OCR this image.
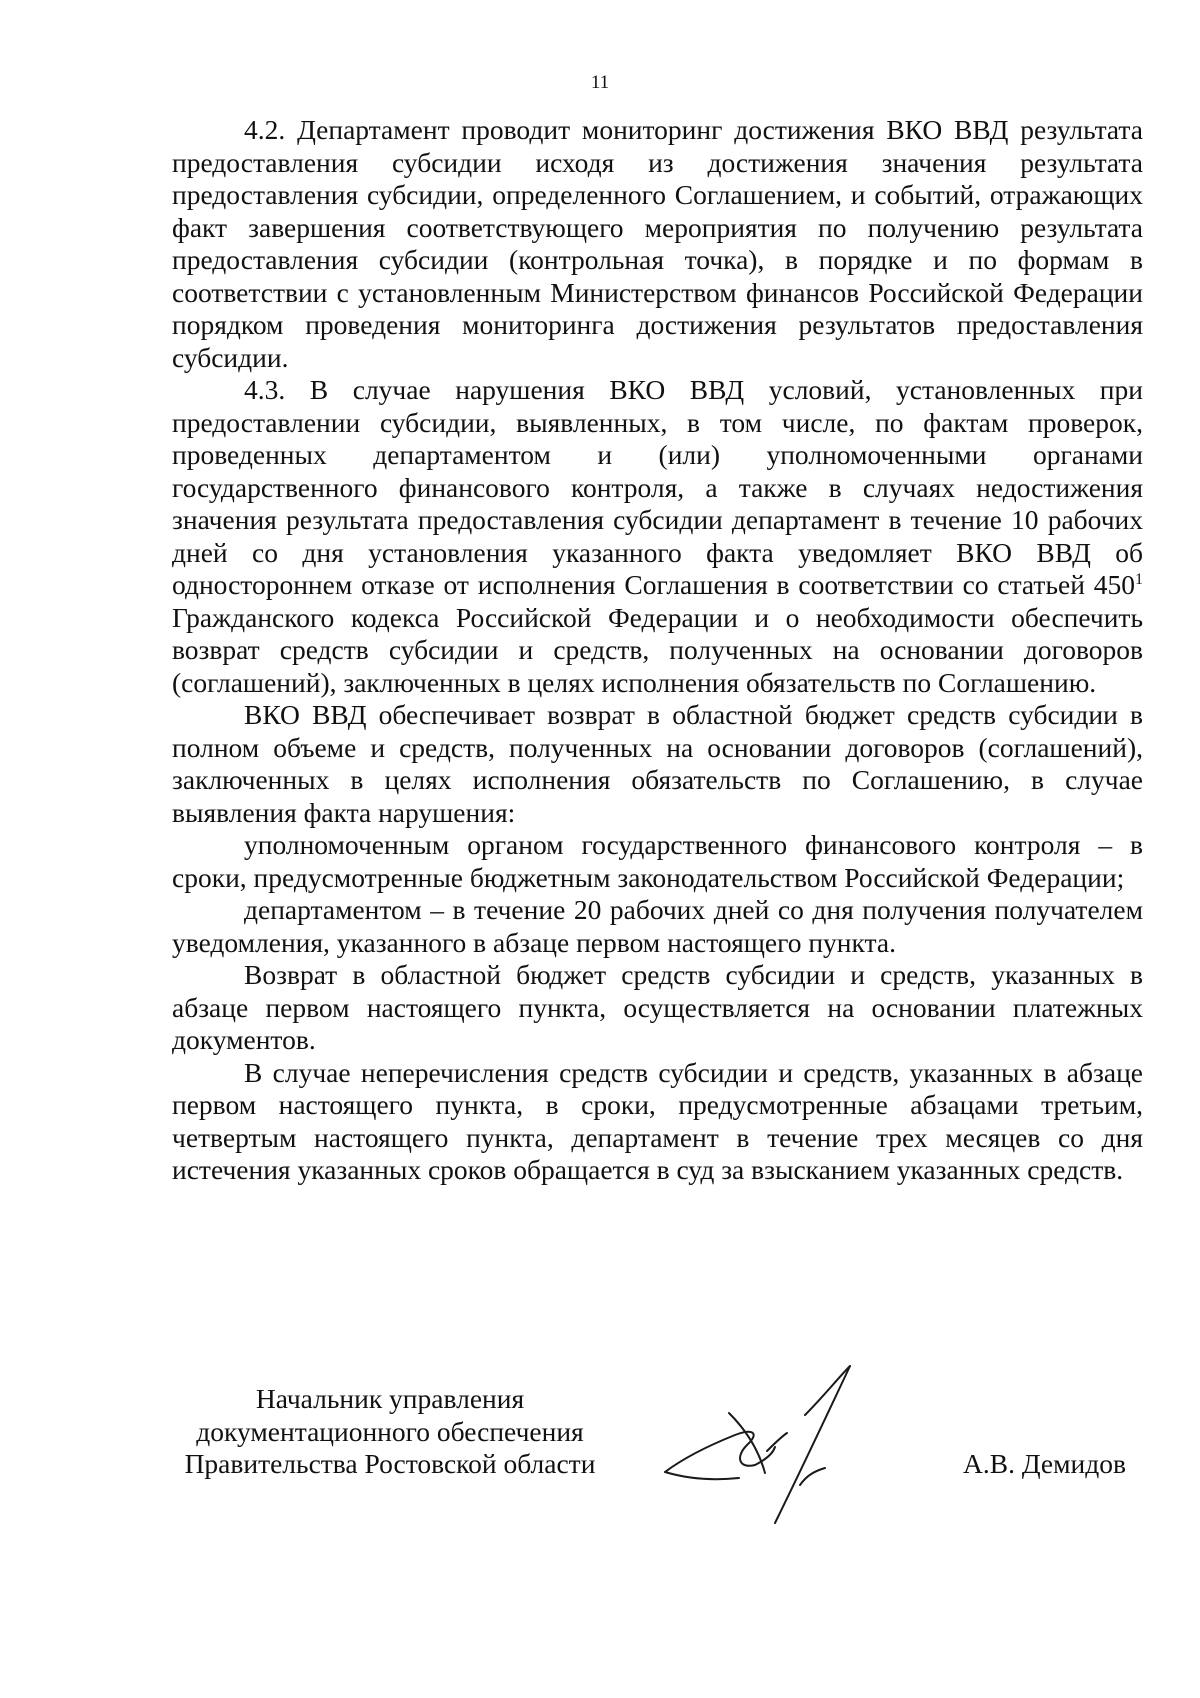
11

4.2. Департамент проводит мониторинг достижения ВКО ВВД результата предоставления субсидии исходя из достижения значения результата предоставления субсидии, определенного Соглашением, и событий, отражающих факт завершения соответствующего мероприятия по получению результата предоставления субсидии (контрольная точка), в порядке и по формам в соответствии с установленным Министерством финансов Российской Федерации порядком проведения мониторинга достижения результатов предоставления субсидии.

4.3. В случае нарушения ВКО ВВД условий, установленных при предоставлении субсидии, выявленных, в том числе, по фактам проверок, проведенных департаментом и (или) уполномоченными органами государственного финансового контроля, а также в случаях недостижения значения результата предоставления субсидии департамент в течение 10 рабочих дней со дня установления указанного факта уведомляет ВКО ВВД об одностороннем отказе от исполнения Соглашения в соответствии со статьей $450^1$ Гражданского кодекса Российской Федерации и о необходимости обеспечить возврат средств субсидии и средств, полученных на основании договоров (соглашений), заключенных в целях исполнения обязательств по Соглашению.

ВКО ВВД обеспечивает возврат в областной бюджет средств субсидии в полном объеме и средств, полученных на основании договоров (соглашений), заключенных в целях исполнения обязательств по Соглашению, в случае выявления факта нарушения:

уполномоченным органом государственного финансового контроля – в сроки, предусмотренные бюджетным законодательством Российской Федерации;

департаментом – в течение 20 рабочих дней со дня получения получателем уведомления, указанного в абзаце первом настоящего пункта.

Возврат в областной бюджет средств субсидии и средств, указанных в абзаце первом настоящего пункта, осуществляется на основании платежных документов.

В случае неперечисления средств субсидии и средств, указанных в абзаце первом настоящего пункта, в сроки, предусмотренные абзацами третьим, четвертым настоящего пункта, департамент в течение трех месяцев со дня истечения указанных сроков обращается в суд за взысканием указанных средств.

Начальник управления
документационного обеспечения
Правительства Ростовской области	А.В. Демидов
